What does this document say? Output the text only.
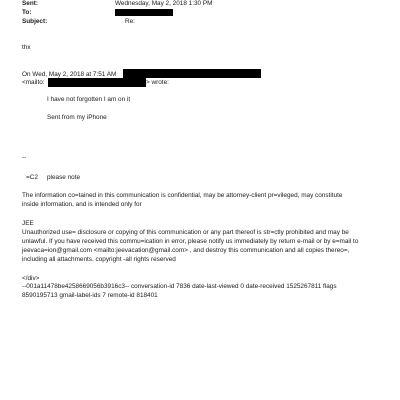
Sent:	Wednesday, May 2, 2018 1:30 PM
To:
Subject:	Re:
thx
On Wed, May 2, 2018 at 7:51 AM
<mailto:	> wrote:
I have not forgotten I am on it
Sent from my iPhone
--
=C2 please note
The information co=tained in this communication is confidential, may be attorney-client pr=vileged, may constitute
inside information, and is intended only for
JEE
Unauthorized use= disclosure or copying of this communication or any part thereof is str=ctly prohibited and may be
unlawful. If you have received this commu=ication in error, please notify us immediately by return e-mail or by e=mail to
jeevaca=ion@gmail.com <mailto:jeevacation@gmail.com> , and destroy this communication and all copies thereo=,
including all attachments. copyright -all rights reserved
</div>
--001a11478be4258669056b3916c3-- conversation-id 7836 date-last-viewed 0 date-received 1525267811 flags
8590195713 gmail-label-ids 7 remote-id 818401
